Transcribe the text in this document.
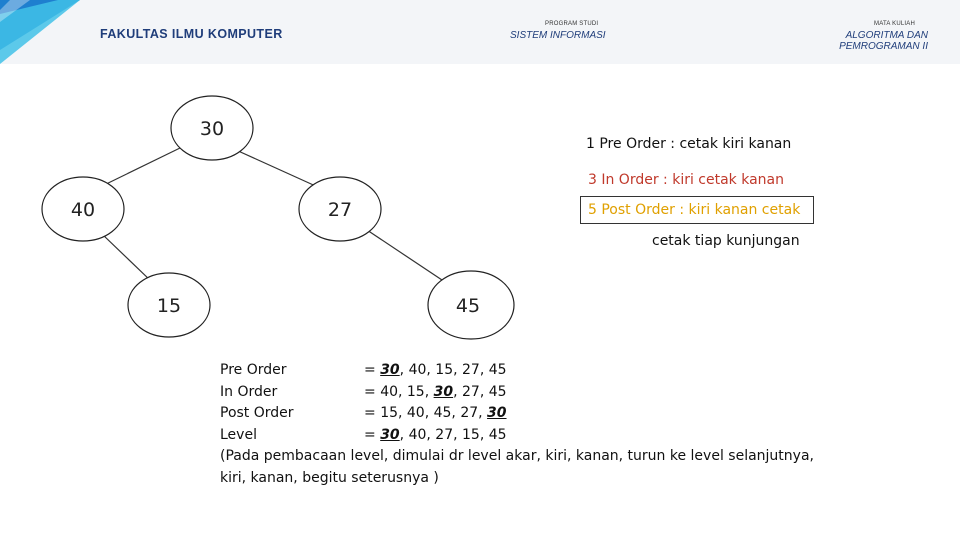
FAKULTAS ILMU KOMPUTER
PROGRAM STUDI
SISTEM INFORMASI
MATA KULIAH
ALGORITMA DAN
PEMROGRAMAN II
30
40	27
15	45
1 Pre Order : cetak kiri kanan
3 In Order : kiri cetak kanan
5 Post Order : kiri kanan cetak
cetak tiap kunjungan
Pre Order	= 30, 40, 15, 27, 45
In Order	= 40, 15, 30, 27, 45
Post Order	= 15, 40, 45, 27, 30
Level	= 30, 40, 27, 15, 45
(Pada pembacaan level, dimulai dr level akar, kiri, kanan, turun ke level selanjutnya, kiri, kanan, begitu seterusnya )
